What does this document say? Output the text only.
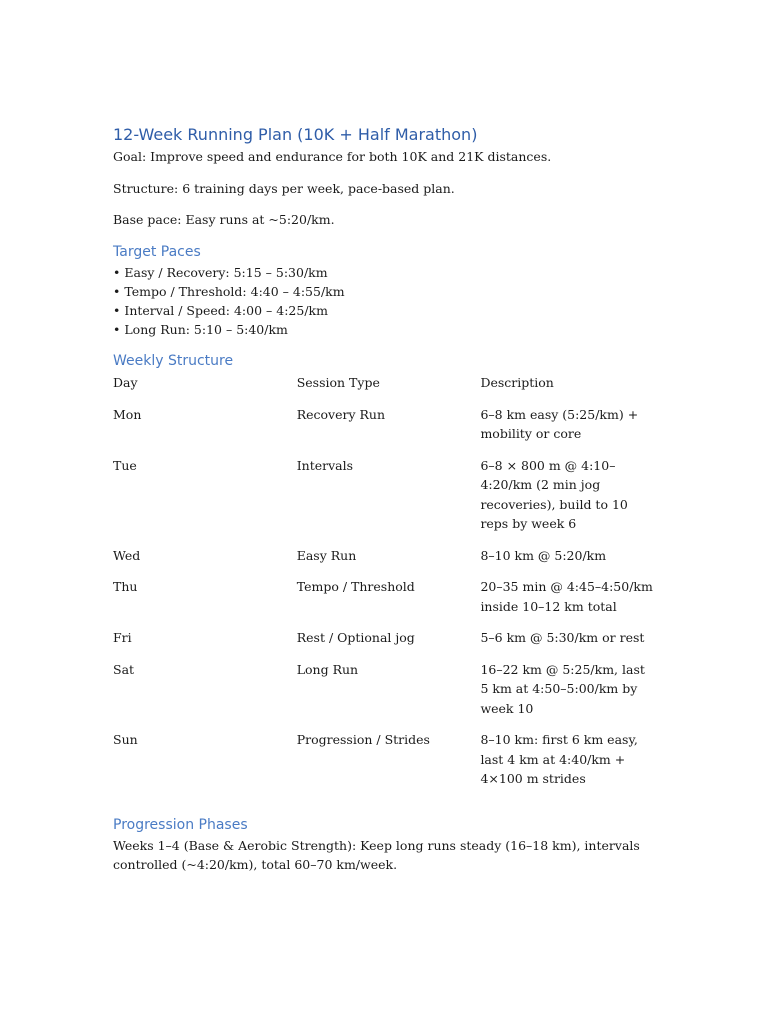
12-Week Running Plan (10K + Half Marathon)

Goal: Improve speed and endurance for both 10K and 21K distances.

Structure: 6 training days per week, pace-based plan.

Base pace: Easy runs at ~5:20/km.

Target Paces
• Easy / Recovery: 5:15 – 5:30/km
• Tempo / Threshold: 4:40 – 4:55/km
• Interval / Speed: 4:00 – 4:25/km
• Long Run: 5:10 – 5:40/km
Weekly Structure
Day	Session Type	Description
Mon	Recovery Run	6–8 km easy (5:25/km) + mobility or core
Tue	Intervals	6–8 × 800 m @ 4:10–4:20/km (2 min jog recoveries), build to 10 reps by week 6
Wed	Easy Run	8–10 km @ 5:20/km
Thu	Tempo / Threshold	20–35 min @ 4:45–4:50/km inside 10–12 km total
Fri	Rest / Optional jog	5–6 km @ 5:30/km or rest
Sat	Long Run	16–22 km @ 5:25/km, last 5 km at 4:50–5:00/km by week 10
Sun	Progression / Strides	8–10 km: first 6 km easy, last 4 km at 4:40/km + 4×100 m strides
Progression Phases

Weeks 1–4 (Base & Aerobic Strength): Keep long runs steady (16–18 km), intervals controlled (~4:20/km), total 60–70 km/week.
